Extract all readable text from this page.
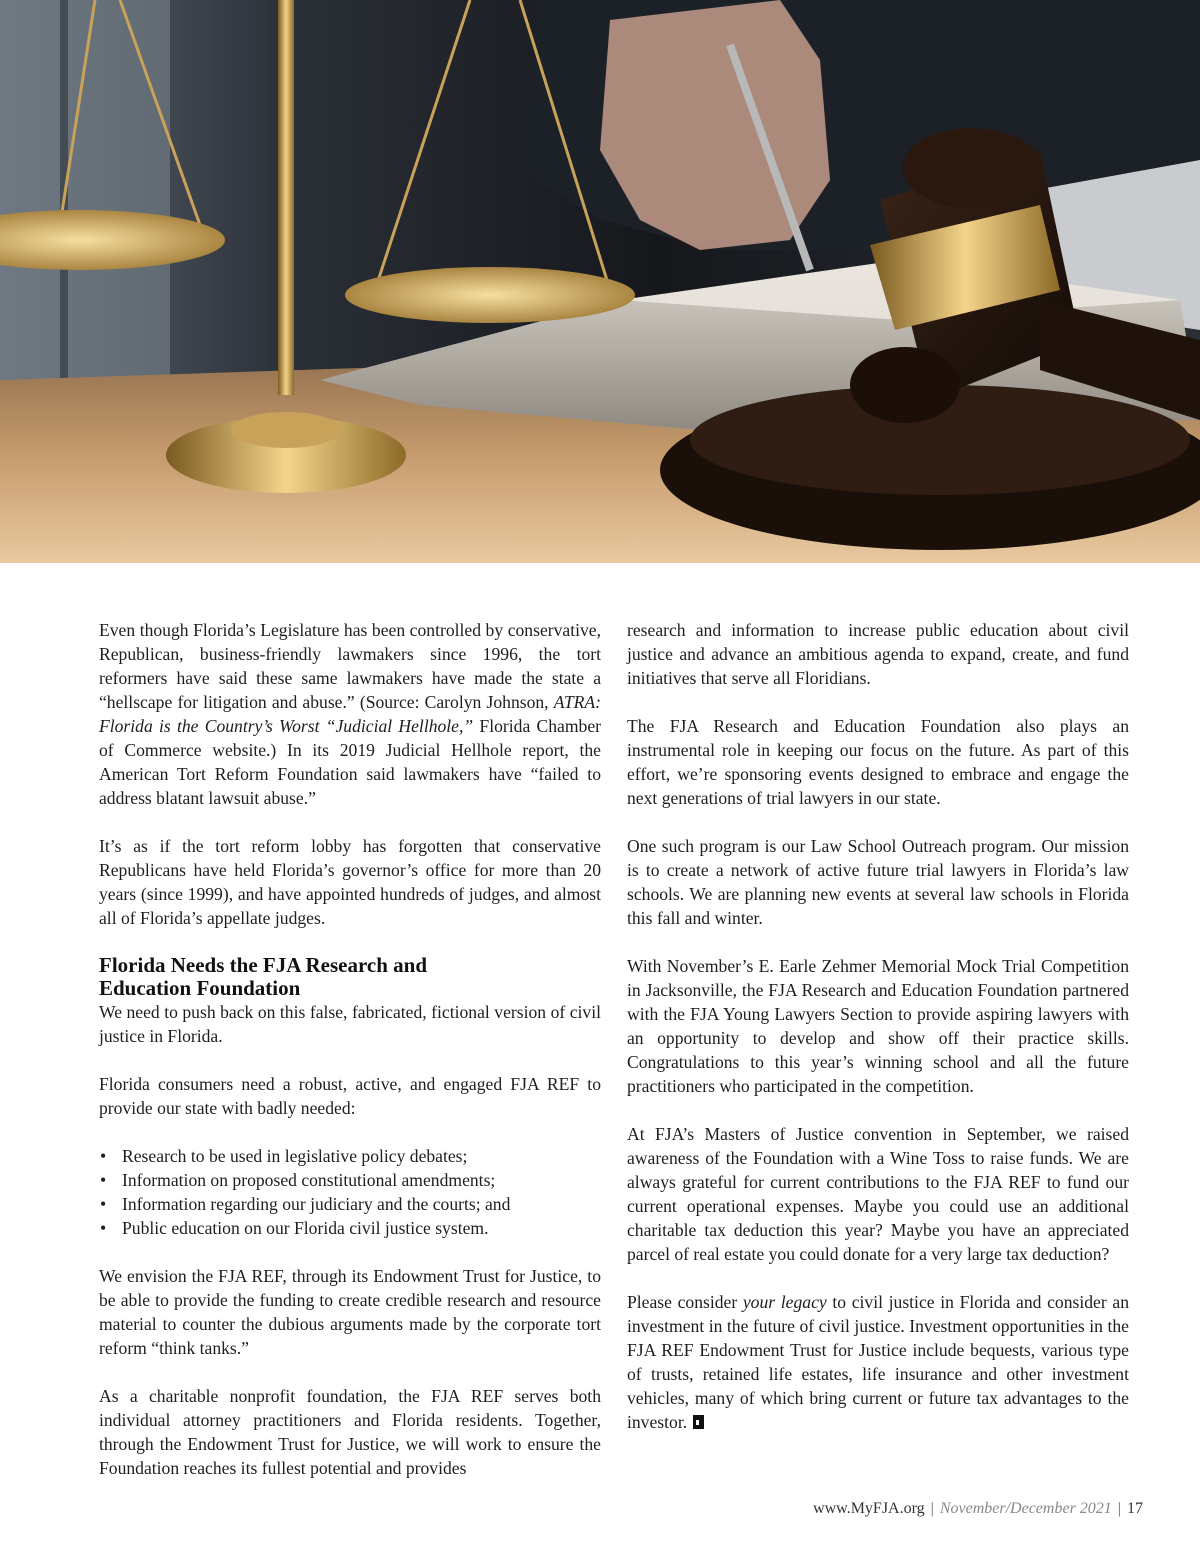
Even though Florida’s Legislature has been controlled by conservative, Republican, business-friendly lawmakers since 1996, the tort reformers have said these same lawmakers have made the state a “hellscape for litigation and abuse.” (Source: Carolyn Johnson, ATRA: Florida is the Country’s Worst “Judicial Hellhole,” Florida Chamber of Commerce website.) In its 2019 Judicial Hellhole report, the American Tort Reform Foundation said lawmakers have “failed to address blatant lawsuit abuse.”

It’s as if the tort reform lobby has forgotten that conservative Republicans have held Florida’s governor’s office for more than 20 years (since 1999), and have appointed hundreds of judges, and almost all of Florida’s appellate judges.

Florida Needs the FJA Research and
Education Foundation

We need to push back on this false, fabricated, fictional version of civil justice in Florida.

Florida consumers need a robust, active, and engaged FJA REF to provide our state with badly needed:

• Research to be used in legislative policy debates;
• Information on proposed constitutional amendments;
• Information regarding our judiciary and the courts; and
• Public education on our Florida civil justice system.

We envision the FJA REF, through its Endowment Trust for Justice, to be able to provide the funding to create credible research and resource material to counter the dubious arguments made by the corporate tort reform “think tanks.”

As a charitable nonprofit foundation, the FJA REF serves both individual attorney practitioners and Florida residents. Together, through the Endowment Trust for Justice, we will work to ensure the Foundation reaches its fullest potential and provides

research and information to increase public education about civil justice and advance an ambitious agenda to expand, create, and fund initiatives that serve all Floridians.

The FJA Research and Education Foundation also plays an instrumental role in keeping our focus on the future. As part of this effort, we’re sponsoring events designed to embrace and engage the next generations of trial lawyers in our state.

One such program is our Law School Outreach program. Our mission is to create a network of active future trial lawyers in Florida’s law schools. We are planning new events at several law schools in Florida this fall and winter.

With November’s E. Earle Zehmer Memorial Mock Trial Competition in Jacksonville, the FJA Research and Education Foundation partnered with the FJA Young Lawyers Section to provide aspiring lawyers with an opportunity to develop and show off their practice skills. Congratulations to this year’s winning school and all the future practitioners who participated in the competition.

At FJA’s Masters of Justice convention in September, we raised awareness of the Foundation with a Wine Toss to raise funds. We are always grateful for current contributions to the FJA REF to fund our current operational expenses. Maybe you could use an additional charitable tax deduction this year? Maybe you have an appreciated parcel of real estate you could donate for a very large tax deduction?

Please consider your legacy to civil justice in Florida and consider an investment in the future of civil justice. Investment opportunities in the FJA REF Endowment Trust for Justice include bequests, various type of trusts, retained life estates, life insurance and other investment vehicles, many of which bring current or future tax advantages to the investor.

www.MyFJA.org | November/December 2021 | 17
